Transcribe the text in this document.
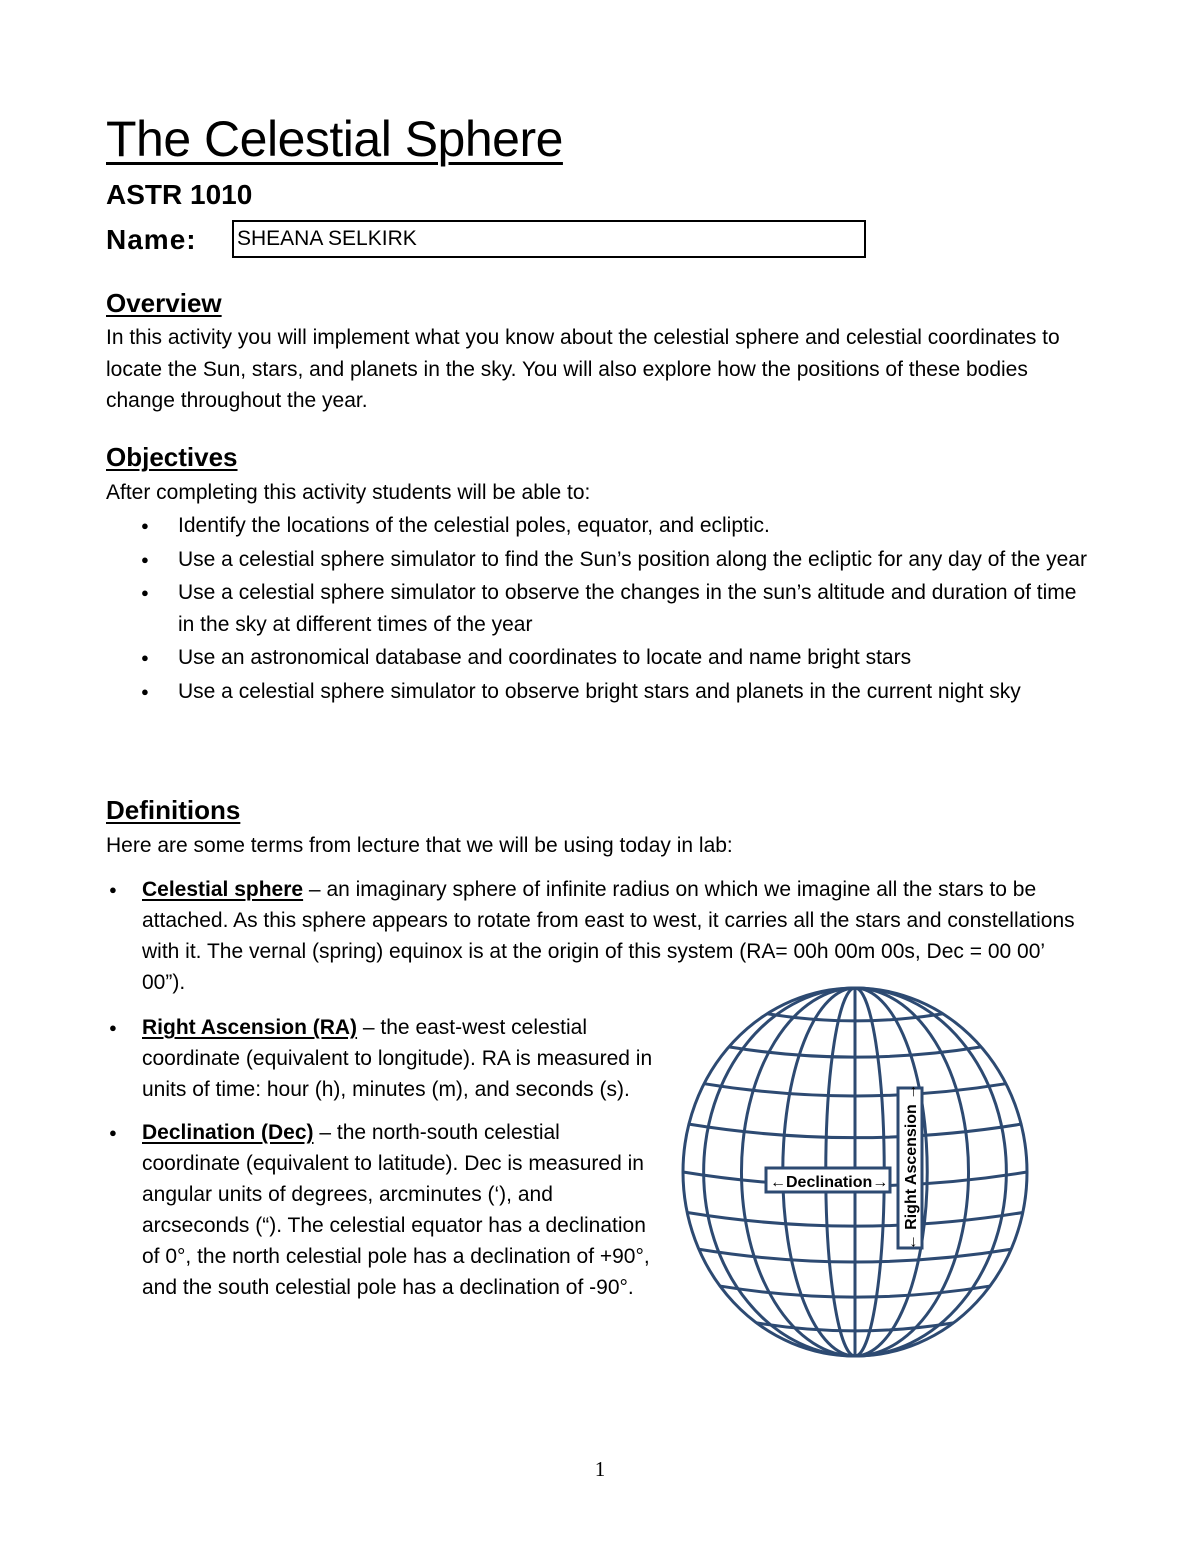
The Celestial Sphere
ASTR 1010
Name:
SHEANA SELKIRK
Overview

In this activity you will implement what you know about the celestial sphere and celestial coordinates to locate the Sun, stars, and planets in the sky. You will also explore how the positions of these bodies change throughout the year.

Objectives

After completing this activity students will be able to:

● Identify the locations of the celestial poles, equator, and ecliptic.
● Use a celestial sphere simulator to find the Sun’s position along the ecliptic for any day of the year
● Use a celestial sphere simulator to observe the changes in the sun’s altitude and duration of time in the sky at different times of the year
● Use an astronomical database and coordinates to locate and name bright stars
● Use a celestial sphere simulator to observe bright stars and planets in the current night sky
Definitions

Here are some terms from lecture that we will be using today in lab:

● Celestial sphere – an imaginary sphere of infinite radius on which we imagine all the stars to be attached. As this sphere appears to rotate from east to west, it carries all the stars and constellations with it. The vernal (spring) equinox is at the origin of this system (RA= 00h 00m 00s, Dec = 00 00’ 00”).
● Right Ascension (RA) – the east-west celestial coordinate (equivalent to longitude). RA is measured in units of time: hour (h), minutes (m), and seconds (s).
● Declination (Dec) – the north-south celestial coordinate (equivalent to latitude). Dec is measured in angular units of degrees, arcminutes (‘), and arcseconds (“). The celestial equator has a declination of 0°, the north celestial pole has a declination of +90°, and the south celestial pole has a declination of -90°.
←Declination→ ← Right Ascension →
1
